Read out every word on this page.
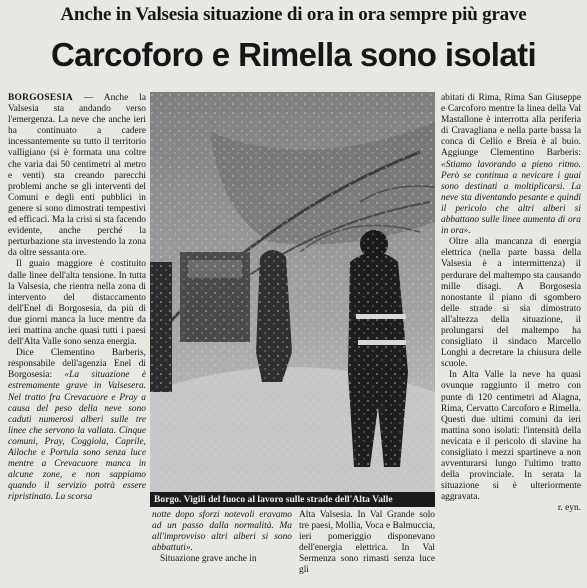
Anche in Valsesia situazione di ora in ora sempre più grave
Carcoforo e Rimella sono isolati

BORGOSESIA — Anche la Valsesia sta andando verso l'emergenza. La neve che anche ieri ha continuato a cadere incessantemente su tutto il territorio valligiano (si è formata una coltre che varia dai 50 centimetri al metro e venti) sta creando parecchi problemi anche se gli interventi del Comuni e degli enti pubblici in genere si sono dimostrati tempestivi ed efficaci. Ma la crisi si sta facendo evidente, anche perché la perturbazione sta investendo la zona da oltre sessanta ore.

Il guaio maggiore è costituito dalle linee dell'alta tensione. In tutta la Valsesia, che rientra nella zona di intervento del distaccamento dell'Enel di Borgosesia, da più di due giorni manca la luce mentre da ieri mattina anche quasi tutti i paesi dell'Alta Valle sono senza energia.

Dice Clementino Barberis, responsabile dell'agenzia Enel di Borgosesia: «La situazione è estremamente grave in Valsesera. Nel tratto fra Crevacuore e Pray a causa del peso della neve sono caduti numerosi alberi sulle tre linee che servono la vallata. Cinque comuni, Pray, Coggiola, Caprile, Ailoche e Portula sono senza luce mentre a Crevacuore manca in alcune zone, e non sappiamo quando il servizio potrà essere ripristinato. La scorsa	Borgo. Vigili del fuoco al lavoro sulle strade dell'Alta Valle

notte dopo sforzi notevoli eravamo ad un passo dalla normalità. Ma all'improvviso altri alberi si sono abbattuti».

Situazione grave anche in

Alta Valsesia. In Val Grande solo tre paesi, Mollia, Voca e Balmuccia, ieri pomeriggio disponevano dell'energia elettrica. In Val Sermenza sono rimasti senza luce gli

abitati di Rima, Rima San Giuseppe e Carcoforo mentre la linea della Val Mastallone è interrotta alla periferia di Cravagliana e nella parte bassa la conca di Cellio e Breia è al buio. Aggiunge Clementino Barberis: «Stiamo lavorando a pieno ritmo. Però se continua a nevicare i guai sono destinati a moltiplicarsi. La neve sta diventando pesante e quindi il pericolo che altri alberi si abbattano sulle linee aumenta di ora in ora».

Oltre alla mancanza di energia elettrica (nella parte bassa della Valsesia è a intermittenza) il perdurare del maltempo sta causando mille disagi. A Borgosesia nonostante il piano di sgombero delle strade si sia dimostrato all'altezza della situazione, il prolungarsi del maltempo ha consigliato il sindaco Marcello Longhi a decretare la chiusura delle scuole.

In Alta Valle la neve ha quasi ovunque raggiunto il metro con punte di 120 centimetri ad Alagna, Rima, Cervatto Carcoforo e Rimella. Questi due ultimi comuni da ieri mattina sono isolati: l'intensità della nevicata e il pericolo di slavine ha consigliato i mezzi spartineve a non avventurarsi lungo l'ultimo tratto della provinciale. In serata la situazione si è ulteriormente aggravata.

r. eyn.
